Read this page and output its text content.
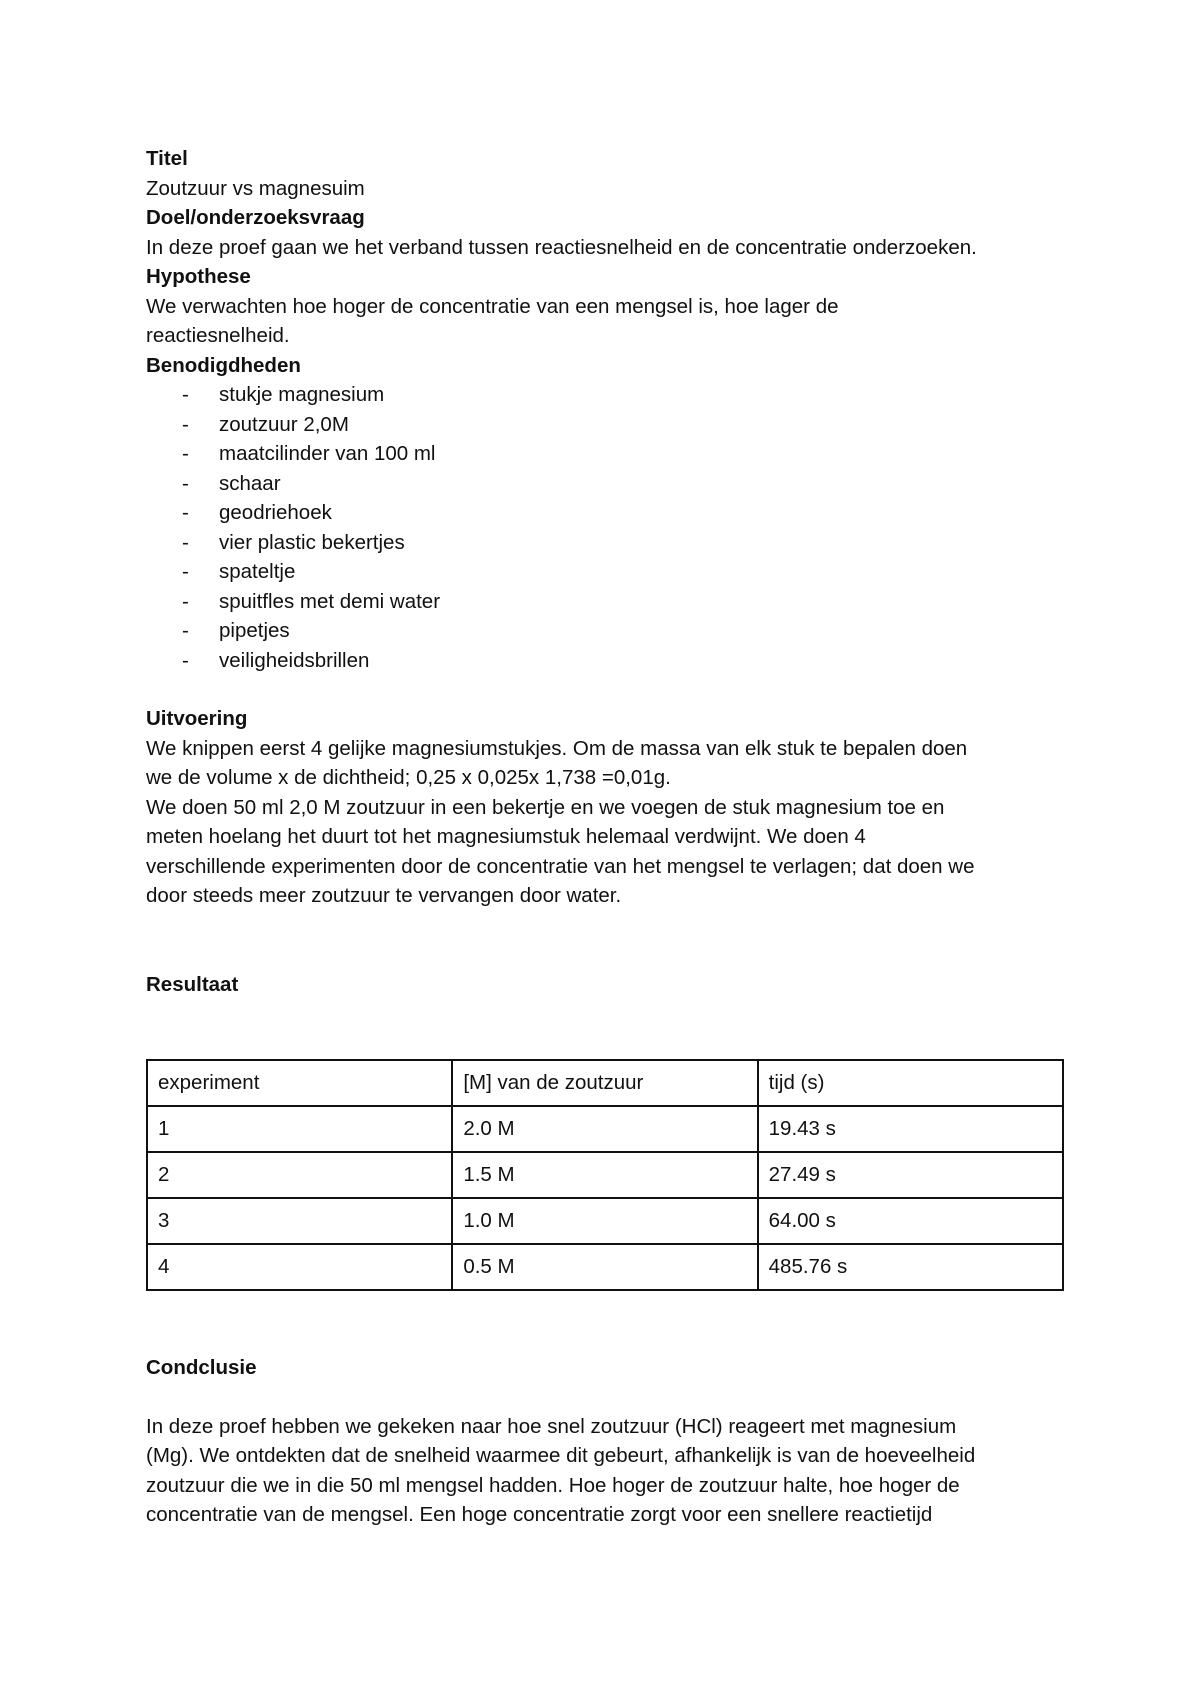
Titel

Zoutzuur vs magnesuim

Doel/onderzoeksvraag

In deze proef gaan we het verband tussen reactiesnelheid en de concentratie onderzoeken.

Hypothese

We verwachten hoe hoger de concentratie van een mengsel is, hoe lager de

reactiesnelheid.

Benodigdheden

- stukje magnesium
- zoutzuur 2,0M
- maatcilinder van 100 ml
- schaar
- geodriehoek
- vier plastic bekertjes
- spateltje
- spuitfles met demi water
- pipetjes
- veiligheidsbrillen

Uitvoering

We knippen eerst 4 gelijke magnesiumstukjes. Om de massa van elk stuk te bepalen doen

we de volume x de dichtheid; 0,25 x 0,025x 1,738 =0,01g.

We doen 50 ml 2,0 M zoutzuur in een bekertje en we voegen de stuk magnesium toe en

meten hoelang het duurt tot het magnesiumstuk helemaal verdwijnt. We doen 4

verschillende experimenten door de concentratie van het mengsel te verlagen; dat doen we

door steeds meer zoutzuur te vervangen door water.

Resultaat

experiment	[M] van de zoutzuur	tijd (s)
1	2.0 M	19.43 s
2	1.5 M	27.49 s
3	1.0 M	64.00 s
4	0.5 M	485.76 s

Condclusie

In deze proef hebben we gekeken naar hoe snel zoutzuur (HCl) reageert met magnesium

(Mg). We ontdekten dat de snelheid waarmee dit gebeurt, afhankelijk is van de hoeveelheid

zoutzuur die we in die 50 ml mengsel hadden. Hoe hoger de zoutzuur halte, hoe hoger de

concentratie van de mengsel. Een hoge concentratie zorgt voor een snellere reactietijd
